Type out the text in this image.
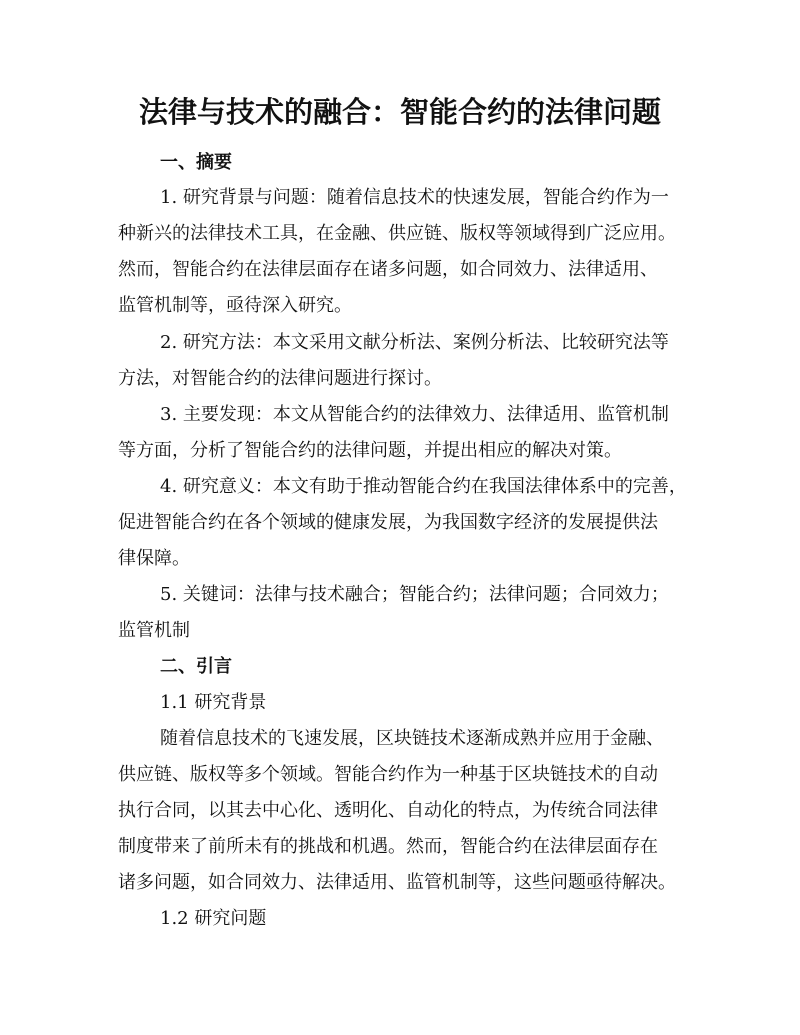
法律与技术的融合：智能合约的法律问题
一、摘要
1. 研究背景与问题：随着信息技术的快速发展，智能合约作为一
种新兴的法律技术工具，在金融、供应链、版权等领域得到广泛应用。
然而，智能合约在法律层面存在诸多问题，如合同效力、法律适用、
监管机制等，亟待深入研究。
2. 研究方法：本文采用文献分析法、案例分析法、比较研究法等
方法，对智能合约的法律问题进行探讨。
3. 主要发现：本文从智能合约的法律效力、法律适用、监管机制
等方面，分析了智能合约的法律问题，并提出相应的解决对策。
4. 研究意义：本文有助于推动智能合约在我国法律体系中的完善，
促进智能合约在各个领域的健康发展，为我国数字经济的发展提供法
律保障。
5. 关键词：法律与技术融合；智能合约；法律问题；合同效力；
监管机制
二、引言
1.1 研究背景
随着信息技术的飞速发展，区块链技术逐渐成熟并应用于金融、
供应链、版权等多个领域。智能合约作为一种基于区块链技术的自动
执行合同，以其去中心化、透明化、自动化的特点，为传统合同法律
制度带来了前所未有的挑战和机遇。然而，智能合约在法律层面存在
诸多问题，如合同效力、法律适用、监管机制等，这些问题亟待解决。
1.2 研究问题
